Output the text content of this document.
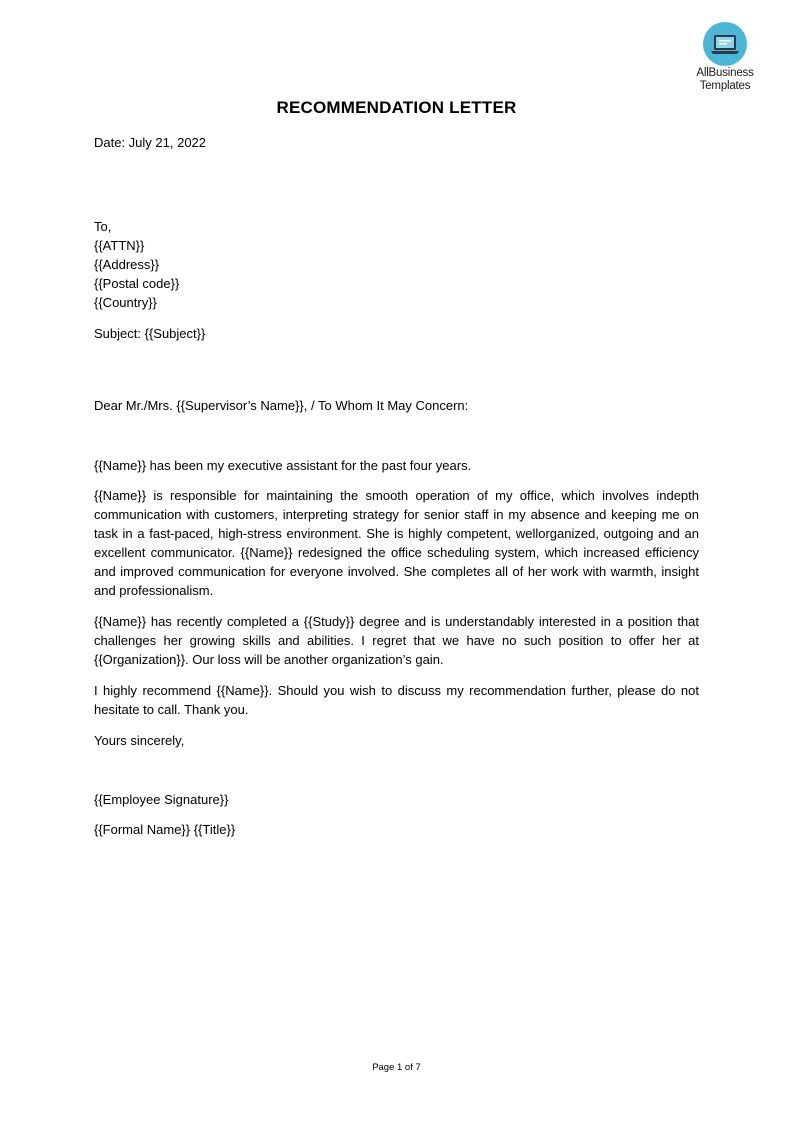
AllBusiness
Templates
RECOMMENDATION LETTER
Date: July 21, 2022
To,
{{ATTN}}
{{Address}}
{{Postal code}}
{{Country}}
Subject: {{Subject}}
Dear Mr./Mrs. {{Supervisor’s Name}}, / To Whom It May Concern:

{{Name}} has been my executive assistant for the past four years.

{{Name}} is responsible for maintaining the smooth operation of my office, which involves indepth communication with customers, interpreting strategy for senior staff in my absence and keeping me on task in a fast-paced, high-stress environment. She is highly competent, wellorganized, outgoing and an excellent communicator. {{Name}} redesigned the office scheduling system, which increased efficiency and improved communication for everyone involved. She completes all of her work with warmth, insight and professionalism.

{{Name}} has recently completed a {{Study}} degree and is understandably interested in a position that challenges her growing skills and abilities. I regret that we have no such position to offer her at {{Organization}}. Our loss will be another organization’s gain.

I highly recommend {{Name}}. Should you wish to discuss my recommendation further, please do not hesitate to call. Thank you.

Yours sincerely,
{{Employee Signature}}
{{Formal Name}} {{Title}}
Page 1 of 7
